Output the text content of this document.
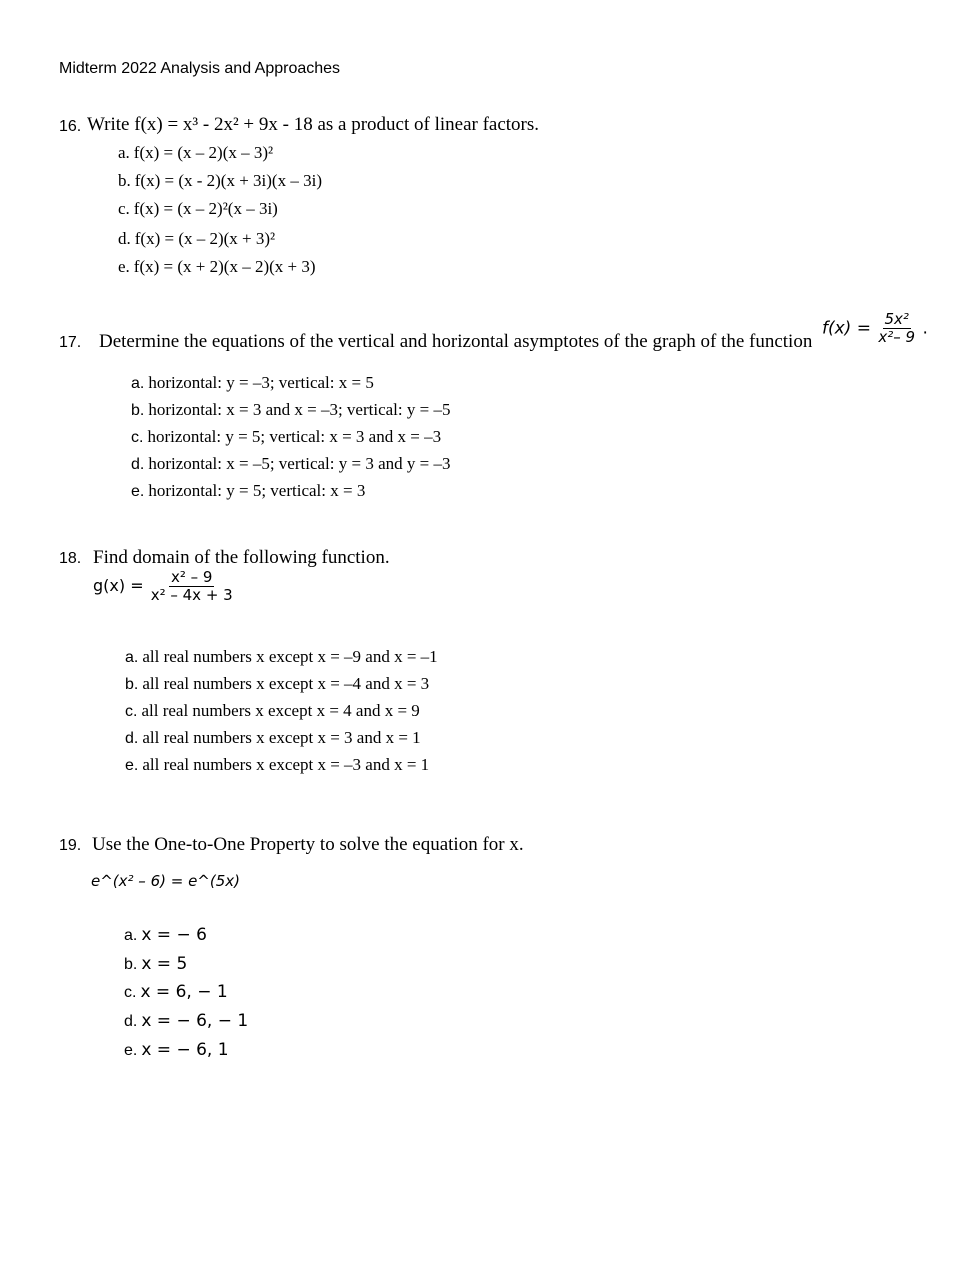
Midterm 2022 Analysis and Approaches
16. Write f(x) = x³ - 2x² + 9x - 18 as a product of linear factors.
a. f(x) = (x – 2)(x – 3)²
b. f(x) = (x - 2)(x + 3i)(x – 3i)
c. f(x) = (x – 2)²(x – 3i)
d. f(x) = (x – 2)(x + 3)²
e. f(x) = (x + 2)(x – 2)(x + 3)
17. Determine the equations of the vertical and horizontal asymptotes of the graph of the function
$f(x) = \frac{\text{5x²}}{\text{x²– 9}}$ .
a. horizontal: y = –3; vertical: x = 5
b. horizontal: x = 3 and x = –3; vertical: y = –5
c. horizontal: y = 5; vertical: x = 3 and x = –3
d. horizontal: x = –5; vertical: y = 3 and y = –3
e. horizontal: y = 5; vertical: x = 3
18. Find domain of the following function.
$g(x) = \frac{\text{x² – 9}}{\text{x² – 4x + 3}}$
a. all real numbers x except x = –9 and x = –1
b. all real numbers x except x = –4 and x = 3
c. all real numbers x except x = 4 and x = 9
d. all real numbers x except x = 3 and x = 1
e. all real numbers x except x = –3 and x = 1
19. Use the One-to-One Property to solve the equation for x.
e^(x² – 6) = e^(5x)
a. x = − 6
b. x = 5
c. x = 6, − 1
d. x = − 6, − 1
e. x = − 6, 1
